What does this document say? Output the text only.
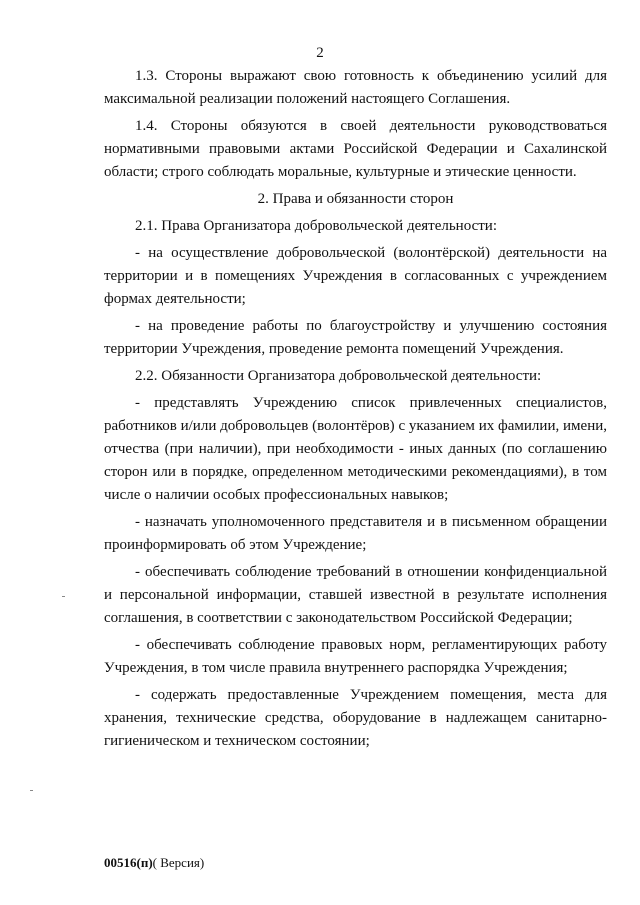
2

1.3. Стороны выражают свою готовность к объединению усилий для максимальной реализации положений настоящего Соглашения.

1.4. Стороны обязуются в своей деятельности руководствоваться нормативными правовыми актами Российской Федерации и Сахалинской области; строго соблюдать моральные, культурные и этические ценности.

2. Права и обязанности сторон

2.1. Права Организатора добровольческой деятельности:

- на осуществление добровольческой (волонтёрской) деятельности на территории и в помещениях Учреждения в согласованных с учреждением формах деятельности;

- на проведение работы по благоустройству и улучшению состояния территории Учреждения, проведение ремонта помещений Учреждения.

2.2. Обязанности Организатора добровольческой деятельности:

- представлять Учреждению список привлеченных специалистов, работников и/или добровольцев (волонтёров) с указанием их фамилии, имени, отчества (при наличии), при необходимости - иных данных (по соглашению сторон или в порядке, определенном методическими рекомендациями), в том числе о наличии особых профессиональных навыков;

- назначать уполномоченного представителя и в письменном обращении проинформировать об этом Учреждение;

- обеспечивать соблюдение требований в отношении конфиденциальной и персональной информации, ставшей известной в результате исполнения соглашения, в соответствии с законодательством Российской Федерации;

- обеспечивать соблюдение правовых норм, регламентирующих работу Учреждения, в том числе правила внутреннего распорядка Учреждения;

- содержать предоставленные Учреждением помещения, места для хранения, технические средства, оборудование в надлежащем санитарно-гигиеническом и техническом состоянии;

00516(п)( Версия)
